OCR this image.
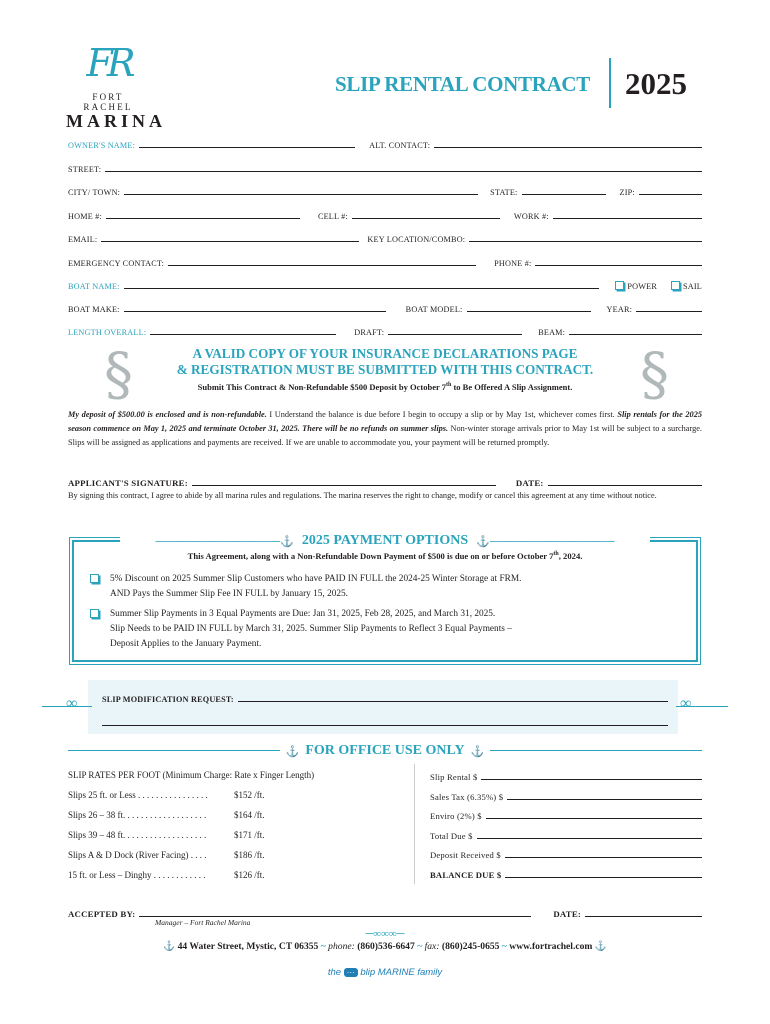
FR
FORT RACHEL
MARINA
SLIP RENTAL CONTRACT 2025
OWNER'S NAME:	ALT. CONTACT:
STREET:
CITY/ TOWN:	STATE:	ZIP:
HOME #:	CELL #:	WORK #:
EMAIL:	KEY LOCATION/COMBO:
EMERGENCY CONTACT:	PHONE #:
BOAT NAME:	POWER	SAIL
BOAT MAKE:	BOAT MODEL:	YEAR:
LENGTH OVERALL:	DRAFT:	BEAM:
§	§
A VALID COPY OF YOUR INSURANCE DECLARATIONS PAGE
& REGISTRATION MUST BE SUBMITTED WITH THIS CONTRACT.
Submit This Contract & Non-Refundable $500 Deposit by October 7th to Be Offered A Slip Assignment.
My deposit of $500.00 is enclosed and is non-refundable. I Understand the balance is due before I begin to occupy a slip or by May 1st, whichever comes first. Slip rentals for the 2025 season commence on May 1, 2025 and terminate October 31, 2025. There will be no refunds on summer slips. Non-winter storage arrivals prior to May 1st will be subject to a surcharge. Slips will be assigned as applications and payments are received. If we are unable to accommodate you, your payment will be returned promptly.
APPLICANT'S SIGNATURE:	DATE:
By signing this contract, I agree to abide by all marina rules and regulations. The marina reserves the right to change, modify or cancel this agreement at any time without notice.
────────────────⚓ 2025 PAYMENT OPTIONS ⚓────────────────
This Agreement, along with a Non-Refundable Down Payment of $500 is due on or before October 7th, 2024.
5% Discount on 2025 Summer Slip Customers who have PAID IN FULL the 2024-25 Winter Storage at FRM.
AND Pays the Summer Slip Fee IN FULL by January 15, 2025.
Summer Slip Payments in 3 Equal Payments are Due: Jan 31, 2025, Feb 28, 2025, and March 31, 2025.
Slip Needs to be PAID IN FULL by March 31, 2025. Summer Slip Payments to Reflect 3 Equal Payments –
Deposit Applies to the January Payment.
∞	∞
SLIP MODIFICATION REQUEST:
⚓ FOR OFFICE USE ONLY ⚓
SLIP RATES PER FOOT (Minimum Charge: Rate x Finger Length)
Slips 25 ft. or Less . . . . . . . . . . . . . . . .	$152 /ft.
Slips 26 – 38 ft. . . . . . . . . . . . . . . . . . .	$164 /ft.
Slips 39 – 48 ft. . . . . . . . . . . . . . . . . . .	$171 /ft.
Slips A & D Dock (River Facing) . . . .	$186 /ft.
15 ft. or Less – Dinghy . . . . . . . . . . . .	$126 /ft.
Slip Rental $
Sales Tax (6.35%) $
Enviro (2%) $
Total Due $
Deposit Received $
BALANCE DUE $
ACCEPTED BY:	DATE:
Manager – Fort Rachel Marina
─∞∞∞─
⚓ 44 Water Street, Mystic, CT 06355 ~ phone: (860)536-6647 ~ fax: (860)245-0655 ~ www.fortrachel.com ⚓
the ··· blip MARINE family
